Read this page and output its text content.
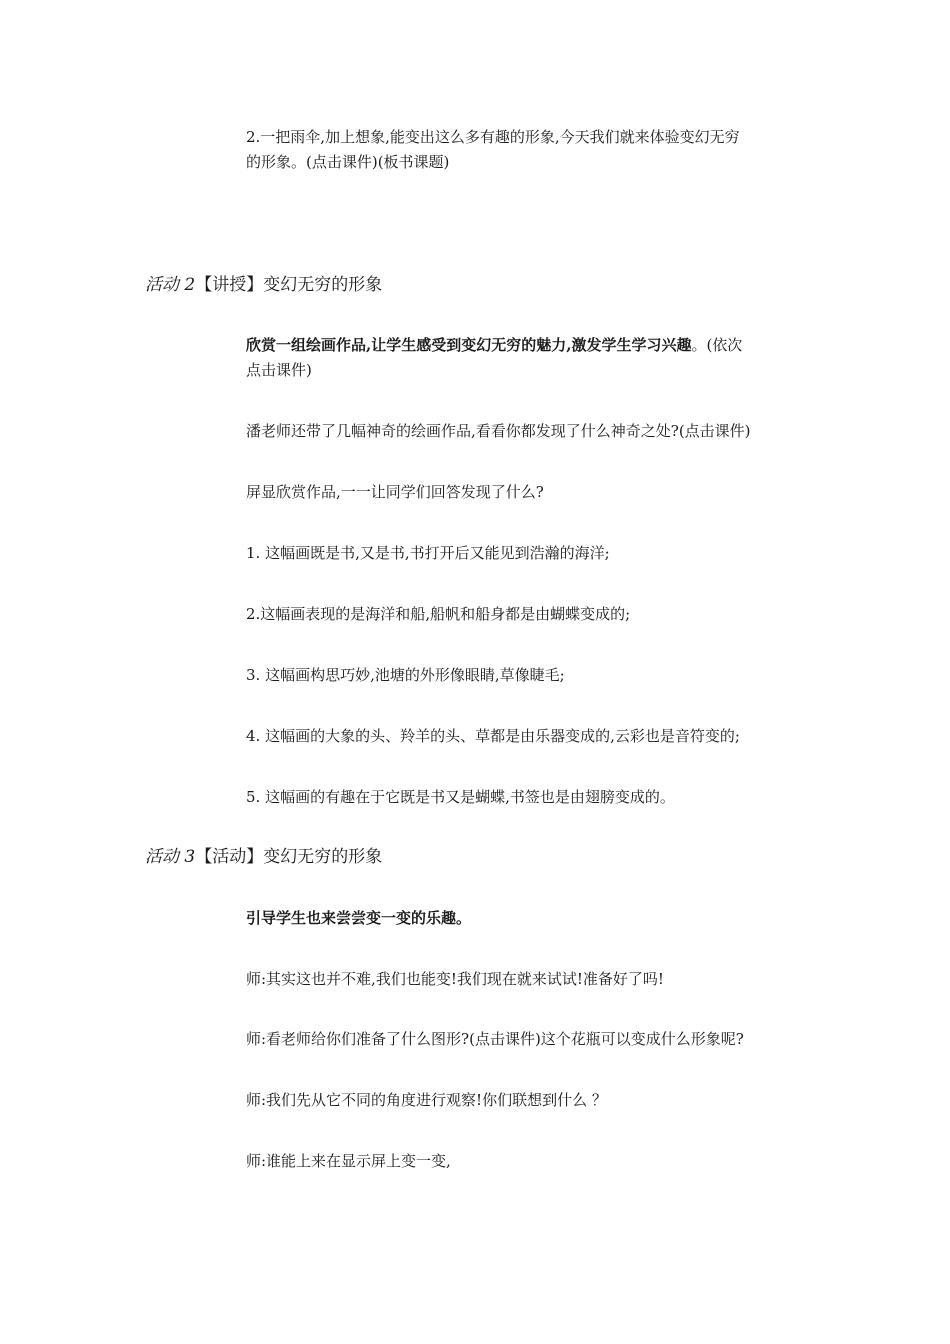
2.一把雨伞,加上想象,能变出这么多有趣的形象,今天我们就来体验变幻无穷
的形象。(点击课件)(板书课题)
活动 2【讲授】变幻无穷的形象
欣赏一组绘画作品,让学生感受到变幻无穷的魅力,激发学生学习兴趣。(依次
点击课件)
潘老师还带了几幅神奇的绘画作品,看看你都发现了什么神奇之处?(点击课件)
屏显欣赏作品,一一让同学们回答发现了什么?
1. 这幅画既是书,又是书,书打开后又能见到浩瀚的海洋;
2.这幅画表现的是海洋和船,船帆和船身都是由蝴蝶变成的;
3. 这幅画构思巧妙,池塘的外形像眼睛,草像睫毛;
4. 这幅画的大象的头、羚羊的头、草都是由乐器变成的,云彩也是音符变的;
5. 这幅画的有趣在于它既是书又是蝴蝶,书签也是由翅膀变成的。
活动 3【活动】变幻无穷的形象
引导学生也来尝尝变一变的乐趣。
师:其实这也并不难,我们也能变!我们现在就来试试!准备好了吗!
师:看老师给你们准备了什么图形?(点击课件)这个花瓶可以变成什么形象呢?
师:我们先从它不同的角度进行观察!你们联想到什么 ？
师:谁能上来在显示屏上变一变,
